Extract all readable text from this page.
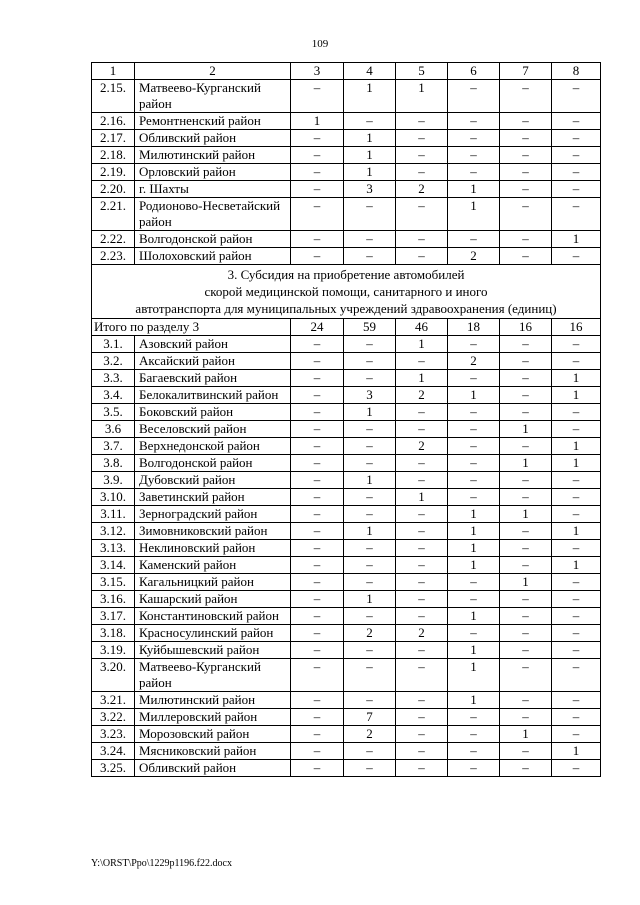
109
1	2	3	4	5	6	7	8
2.15.	Матвеево-Курганский район	–	1	1	–	–	–
2.16.	Ремонтненский район	1	–	–	–	–	–
2.17.	Обливский район	–	1	–	–	–	–
2.18.	Милютинский район	–	1	–	–	–	–
2.19.	Орловский район	–	1	–	–	–	–
2.20.	г. Шахты	–	3	2	1	–	–
2.21.	Родионово-Несветайский район	–	–	–	1	–	–
2.22.	Волгодонской район	–	–	–	–	–	1
2.23.	Шолоховский район	–	–	–	2	–	–

3. Субсидия на приобретение автомобилей
скорой медицинской помощи, санитарного и иного
автотранспорта для муниципальных учреждений здравоохранения (единиц)							

Итого по разделу 3		24	59	46	18	16	16
3.1.	Азовский район	–	–	1	–	–	–
3.2.	Аксайский район	–	–	–	2	–	–
3.3.	Багаевский район	–	–	1	–	–	1
3.4.	Белокалитвинский район	–	3	2	1	–	1
3.5.	Боковский район	–	1	–	–	–	–
3.6	Веселовский район	–	–	–	–	1	–
3.7.	Верхнедонской район	–	–	2	–	–	1
3.8.	Волгодонской район	–	–	–	–	1	1
3.9.	Дубовский район	–	1	–	–	–	–
3.10.	Заветинский район	–	–	1	–	–	–
3.11.	Зерноградский район	–	–	–	1	1	–
3.12.	Зимовниковский район	–	1	–	1	–	1
3.13.	Неклиновский район	–	–	–	1	–	–
3.14.	Каменский район	–	–	–	1	–	1
3.15.	Кагальницкий район	–	–	–	–	1	–
3.16.	Кашарский район	–	1	–	–	–	–
3.17.	Константиновский район	–	–	–	1	–	–
3.18.	Красносулинский район	–	2	2	–	–	–
3.19.	Куйбышевский район	–	–	–	1	–	–
3.20.	Матвеево-Курганский район	–	–	–	1	–	–
3.21.	Милютинский район	–	–	–	1	–	–
3.22.	Миллеровский район	–	7	–	–	–	–
3.23.	Морозовский район	–	2	–	–	1	–
3.24.	Мясниковский район	–	–	–	–	–	1
3.25.	Обливский район	–	–	–	–	–	–
Y:\ORST\Ppo\1229p1196.f22.docx
